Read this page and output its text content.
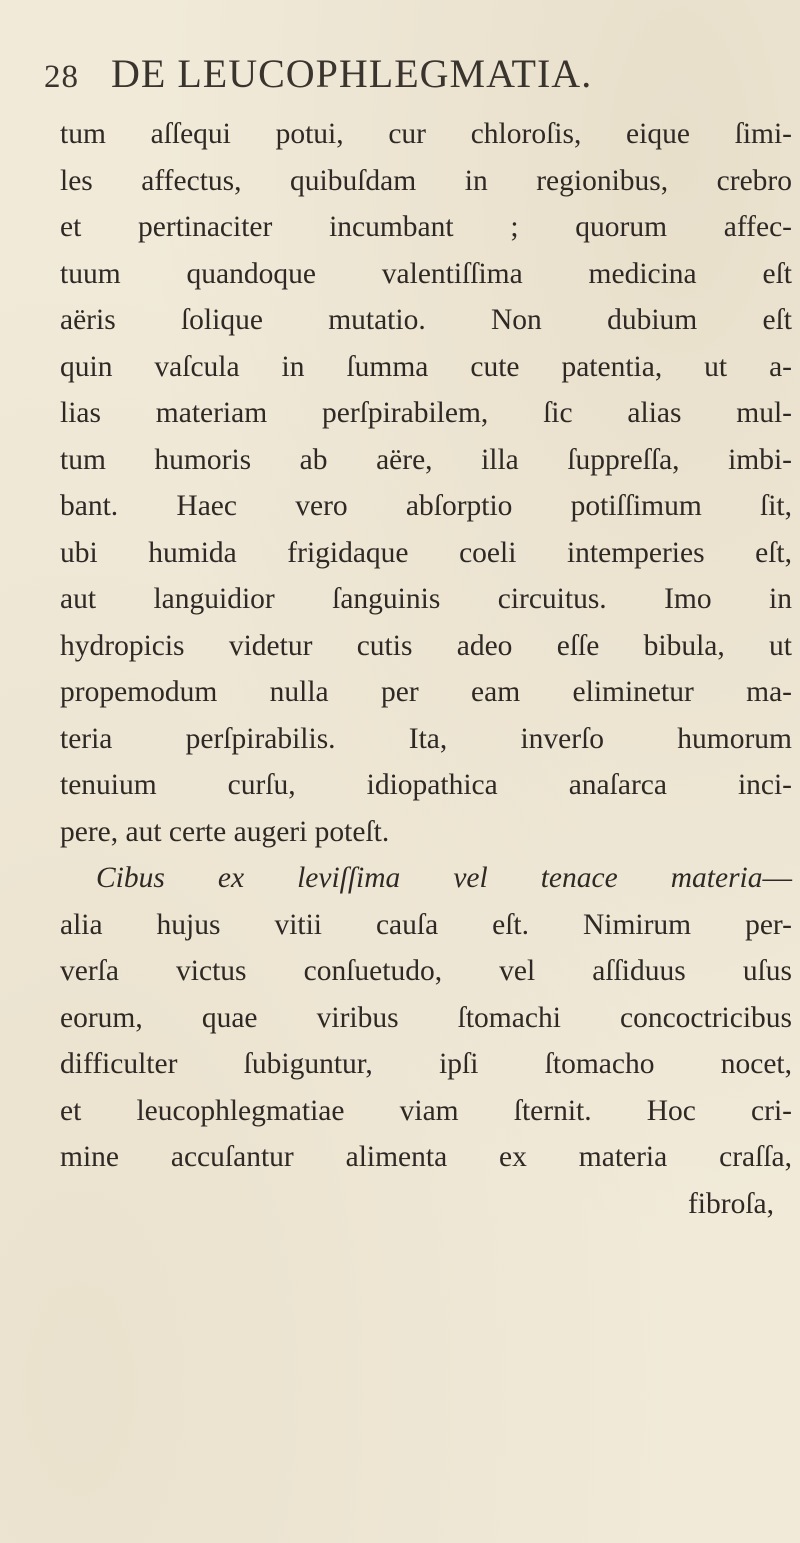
28 DE LEUCOPHLEGMATIA.
tum aſſequi potui, cur chloroſis, eique ſimi-
les affectus, quibuſdam in regionibus, crebro
et pertinaciter incumbant ; quorum affec-
tuum quandoque valentiſſima medicina eſt
aëris ſolique mutatio. Non dubium eſt
quin vaſcula in ſumma cute patentia, ut a-
lias materiam perſpirabilem, ſic alias mul-
tum humoris ab aëre, illa ſuppreſſa, imbi-
bant. Haec vero abſorptio potiſſimum ſit,
ubi humida frigidaque coeli intemperies eſt,
aut languidior ſanguinis circuitus. Imo in
hydropicis videtur cutis adeo eſſe bibula, ut
propemodum nulla per eam eliminetur ma-
teria perſpirabilis. Ita, inverſo humorum
tenuium curſu, idiopathica anaſarca inci-
pere, aut certe augeri poteſt.
Cibus ex leviſſima vel tenace materia—
alia hujus vitii cauſa eſt. Nimirum per-
verſa victus conſuetudo, vel aſſiduus uſus
eorum, quae viribus ſtomachi concoctricibus
difficulter ſubiguntur, ipſi ſtomacho nocet,
et leucophlegmatiae viam ſternit. Hoc cri-
mine accuſantur alimenta ex materia craſſa,
fibroſa,
